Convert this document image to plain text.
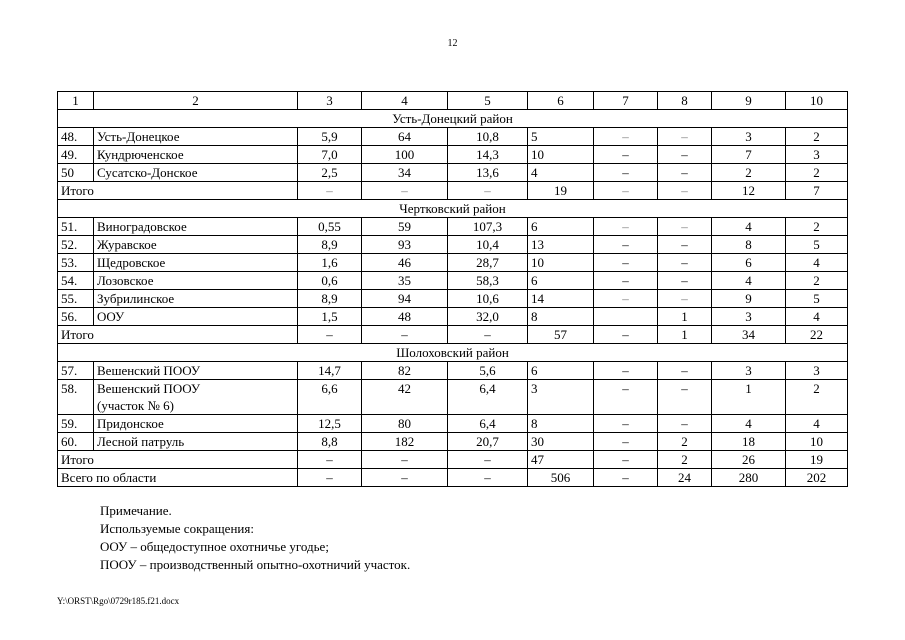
12
1	2	3	4	5	6	7	8	9	10
Усть-Донецкий район									
48.	Усть-Донецкое	5,9	64	10,8	5	–	–	3	2
49.	Кундрюченское	7,0	100	14,3	10	–	–	7	3
50	Сусатско-Донское	2,5	34	13,6	4	–	–	2	2
Итого		–	–	–	19	–	–	12	7
Чертковский район									
51.	Виноградовское	0,55	59	107,3	6	–	–	4	2
52.	Журавское	8,9	93	10,4	13	–	–	8	5
53.	Щедровское	1,6	46	28,7	10	–	–	6	4
54.	Лозовское	0,6	35	58,3	6	–	–	4	2
55.	Зубрилинское	8,9	94	10,6	14	–	–	9	5
56.	ООУ	1,5	48	32,0	8		1	3	4
Итого		–	–	–	57	–	1	34	22
Шолоховский район									
57.	Вешенский ПООУ	14,7	82	5,6	6	–	–	3	3
58.	Вешенский ПООУ
(участок № 6)	6,6	42	6,4	3	–	–	1	2
59.	Придонское	12,5	80	6,4	8	–	–	4	4
60.	Лесной патруль	8,8	182	20,7	30	–	2	18	10
Итого		–	–	–	47	–	2	26	19
Всего по области		–	–	–	506	–	24	280	202
Примечание.
Используемые сокращения:
ООУ – общедоступное охотничье угодье;
ПООУ – производственный опытно-охотничий участок.
Y:\ORST\Rgo\0729r185.f21.docx
